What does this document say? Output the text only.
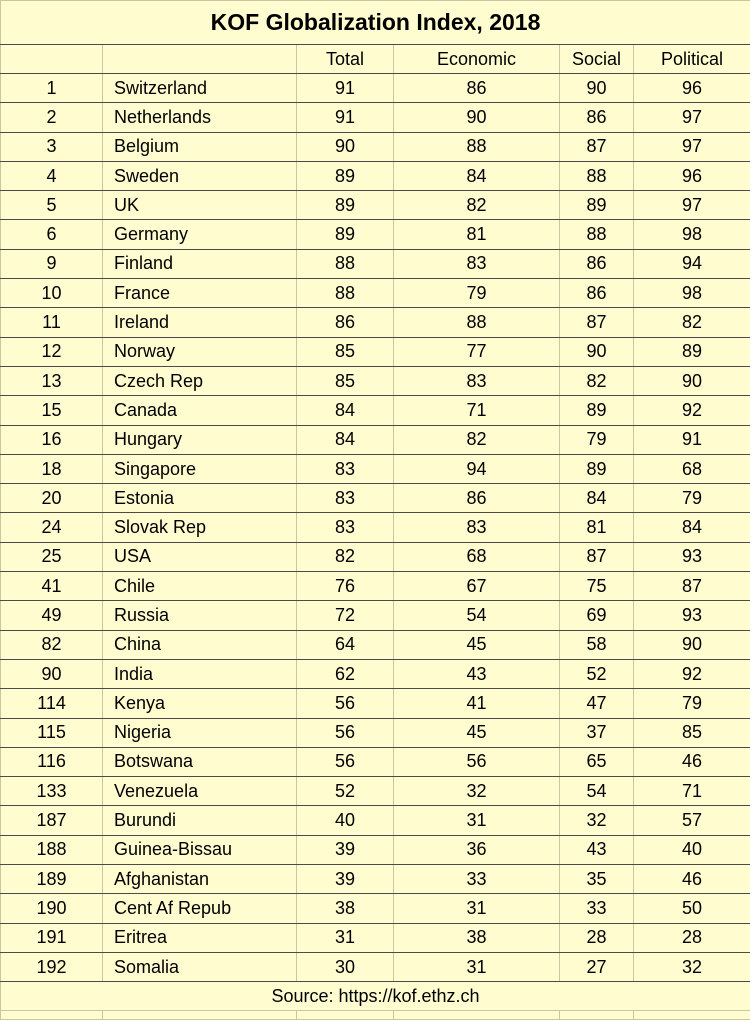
KOF Globalization Index, 2018					
		Total	Economic	Social	Political
1	Switzerland	91	86	90	96
2	Netherlands	91	90	86	97
3	Belgium	90	88	87	97
4	Sweden	89	84	88	96
5	UK	89	82	89	97
6	Germany	89	81	88	98
9	Finland	88	83	86	94
10	France	88	79	86	98
11	Ireland	86	88	87	82
12	Norway	85	77	90	89
13	Czech Rep	85	83	82	90
15	Canada	84	71	89	92
16	Hungary	84	82	79	91
18	Singapore	83	94	89	68
20	Estonia	83	86	84	79
24	Slovak Rep	83	83	81	84
25	USA	82	68	87	93
41	Chile	76	67	75	87
49	Russia	72	54	69	93
82	China	64	45	58	90
90	India	62	43	52	92
114	Kenya	56	41	47	79
115	Nigeria	56	45	37	85
116	Botswana	56	56	65	46
133	Venezuela	52	32	54	71
187	Burundi	40	31	32	57
188	Guinea-Bissau	39	36	43	40
189	Afghanistan	39	33	35	46
190	Cent Af Repub	38	31	33	50
191	Eritrea	31	38	28	28
192	Somalia	30	31	27	32
Source: https://kof.ethz.ch					
